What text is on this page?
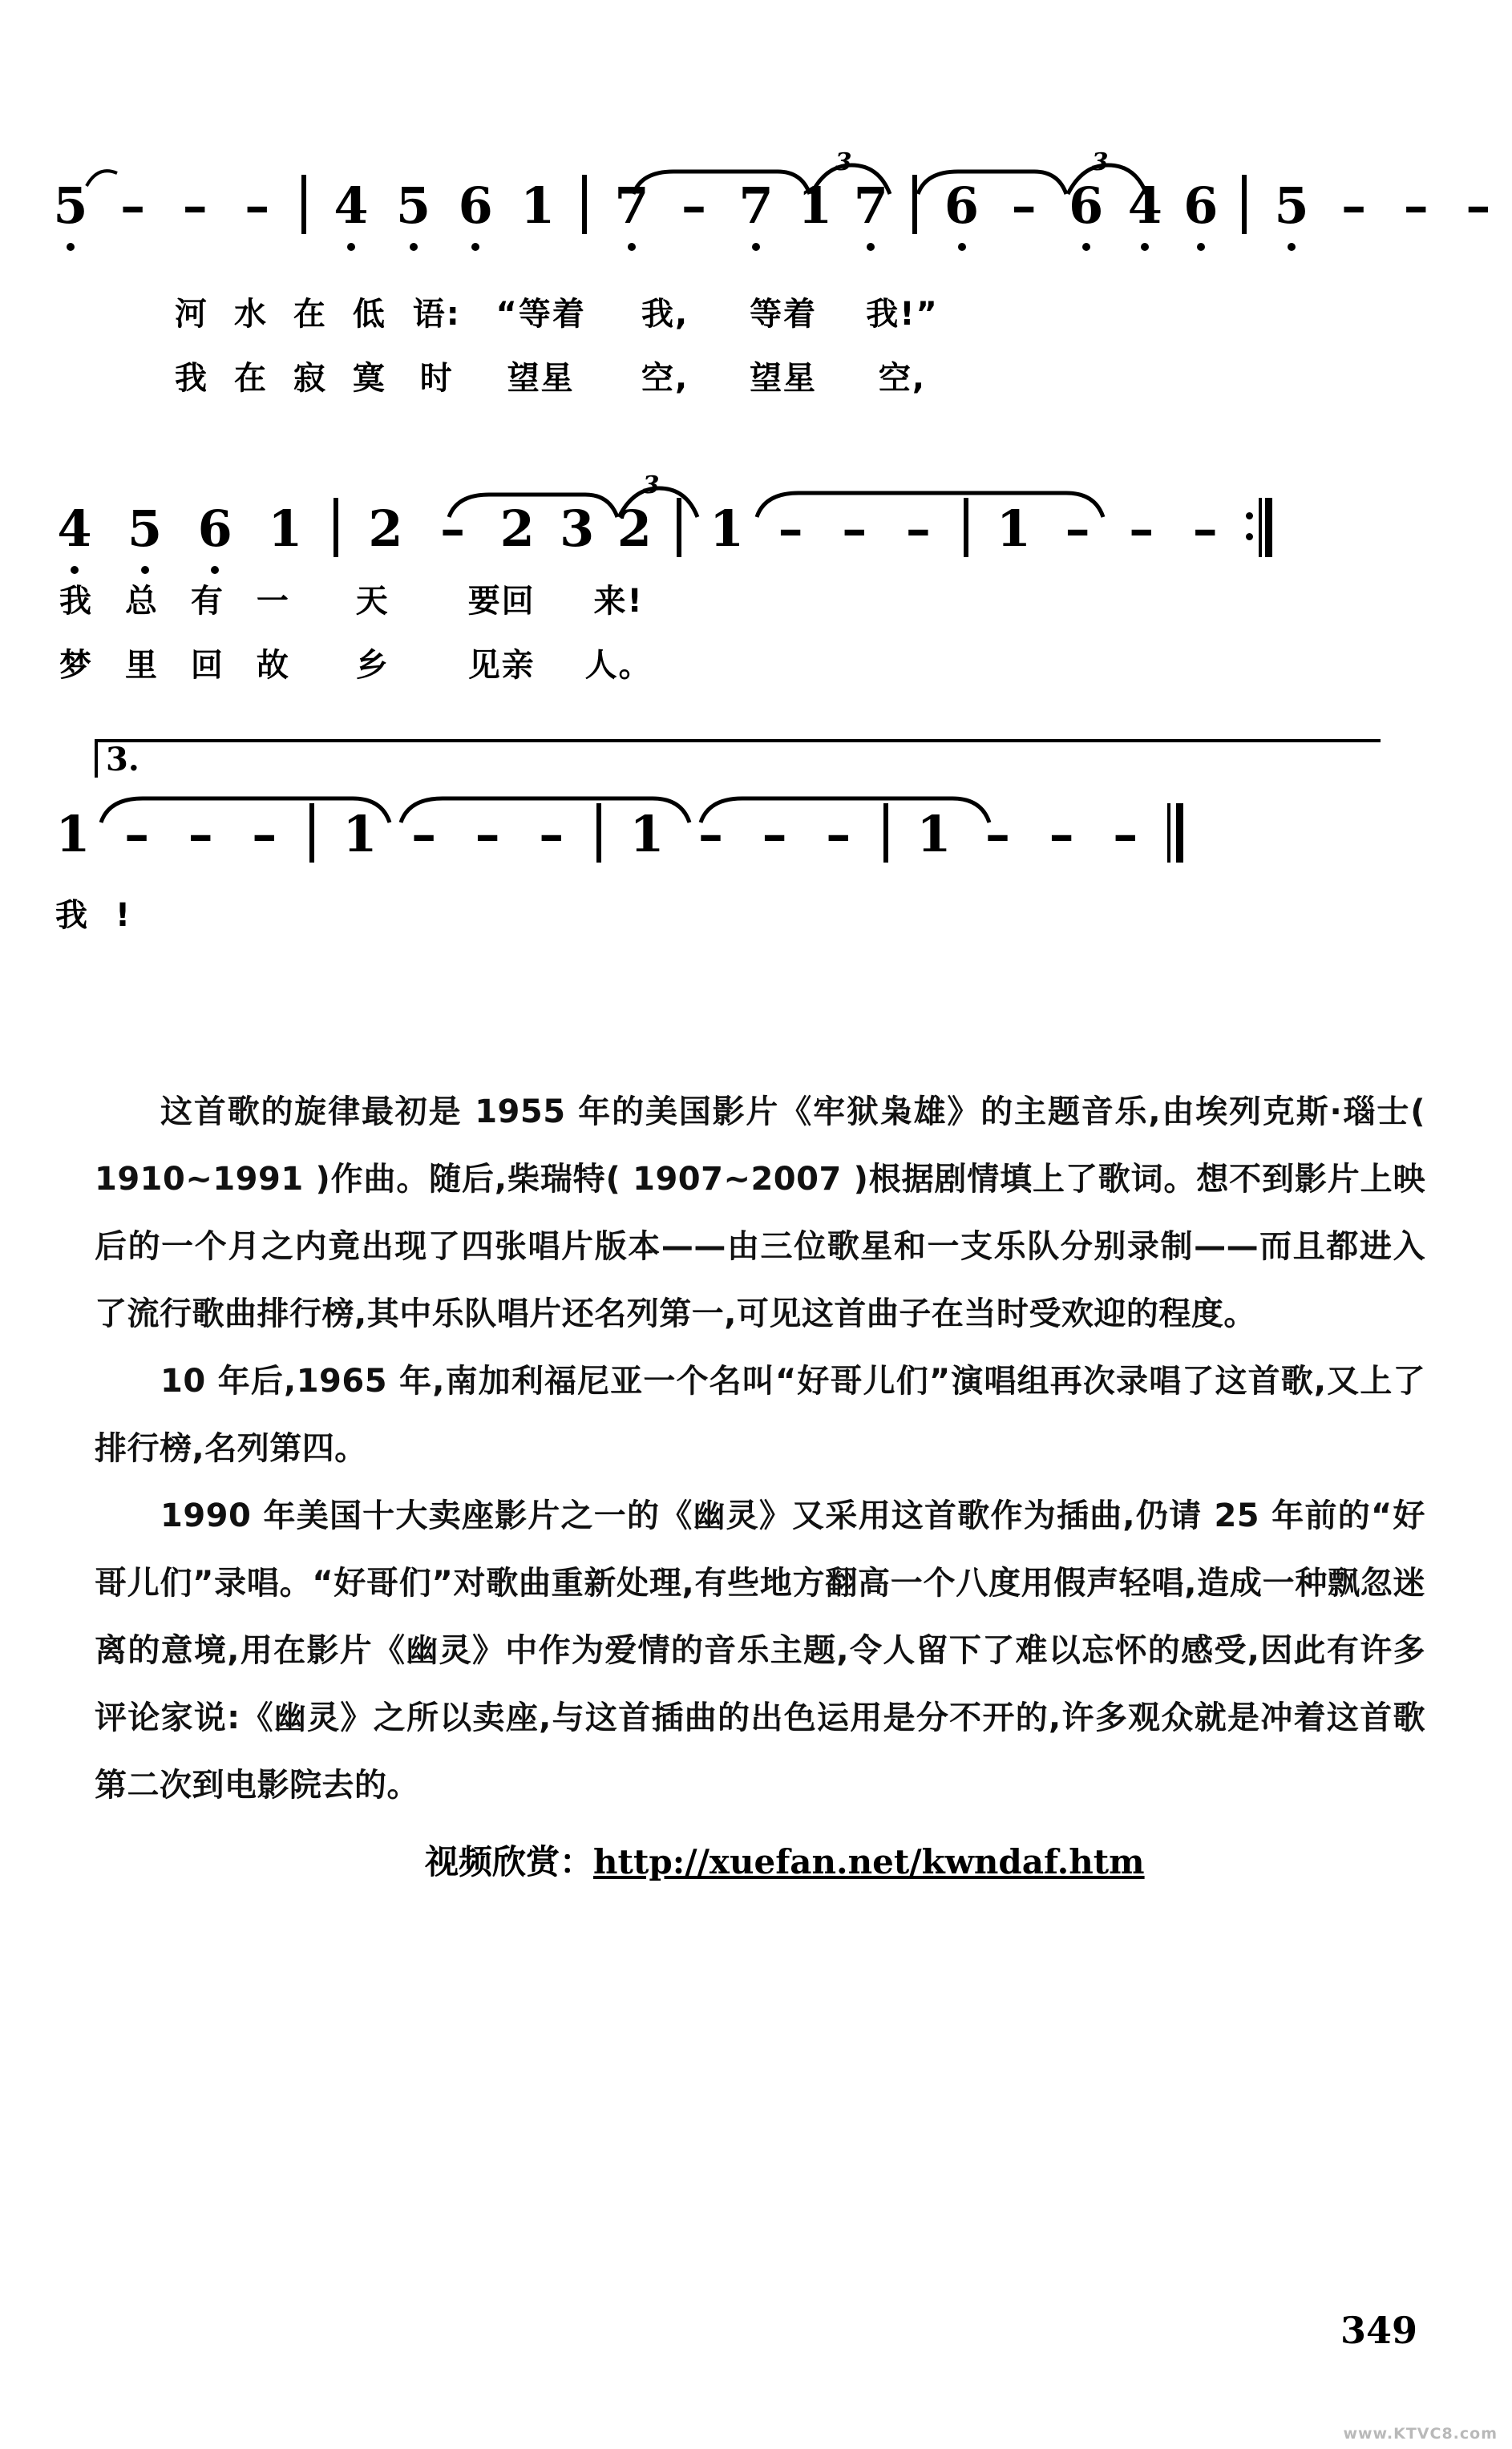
3	3
5 – – – 4 5 6 1 7 – 7 1 7 6 – 6 4 6 5 – – –
河 水 在 低 语: “等着 我, 等着 我!”
我 在 寂 寞 时 望星 空, 望星 空,
3
4 5 6 1 2 – 2 3 2 1 – – – 1 – – –
我 总 有 一 天 要回 来!
梦 里 回 故 乡 见亲 人。
3.
1 – – – 1 – – – 1 – – – 1 – – –
我 !

这首歌的旋律最初是 1955 年的美国影片《牢狱枭雄》的主题音乐,由埃列克斯·瑙士( 1910~1991 )作曲。随后,柴瑞特( 1907~2007 )根据剧情填上了歌词。想不到影片上映后的一个月之内竟出现了四张唱片版本——由三位歌星和一支乐队分别录制——而且都进入了流行歌曲排行榜,其中乐队唱片还名列第一,可见这首曲子在当时受欢迎的程度。

10 年后,1965 年,南加利福尼亚一个名叫“好哥儿们”演唱组再次录唱了这首歌,又上了排行榜,名列第四。

1990 年美国十大卖座影片之一的《幽灵》又采用这首歌作为插曲,仍请 25 年前的“好哥儿们”录唱。“好哥们”对歌曲重新处理,有些地方翻高一个八度用假声轻唱,造成一种飘忽迷离的意境,用在影片《幽灵》中作为爱情的音乐主题,令人留下了难以忘怀的感受,因此有许多评论家说:《幽灵》之所以卖座,与这首插曲的出色运用是分不开的,许多观众就是冲着这首歌第二次到电影院去的。

视频欣赏：http://xuefan.net/kwndaf.htm
349
www.KTVC8.com
